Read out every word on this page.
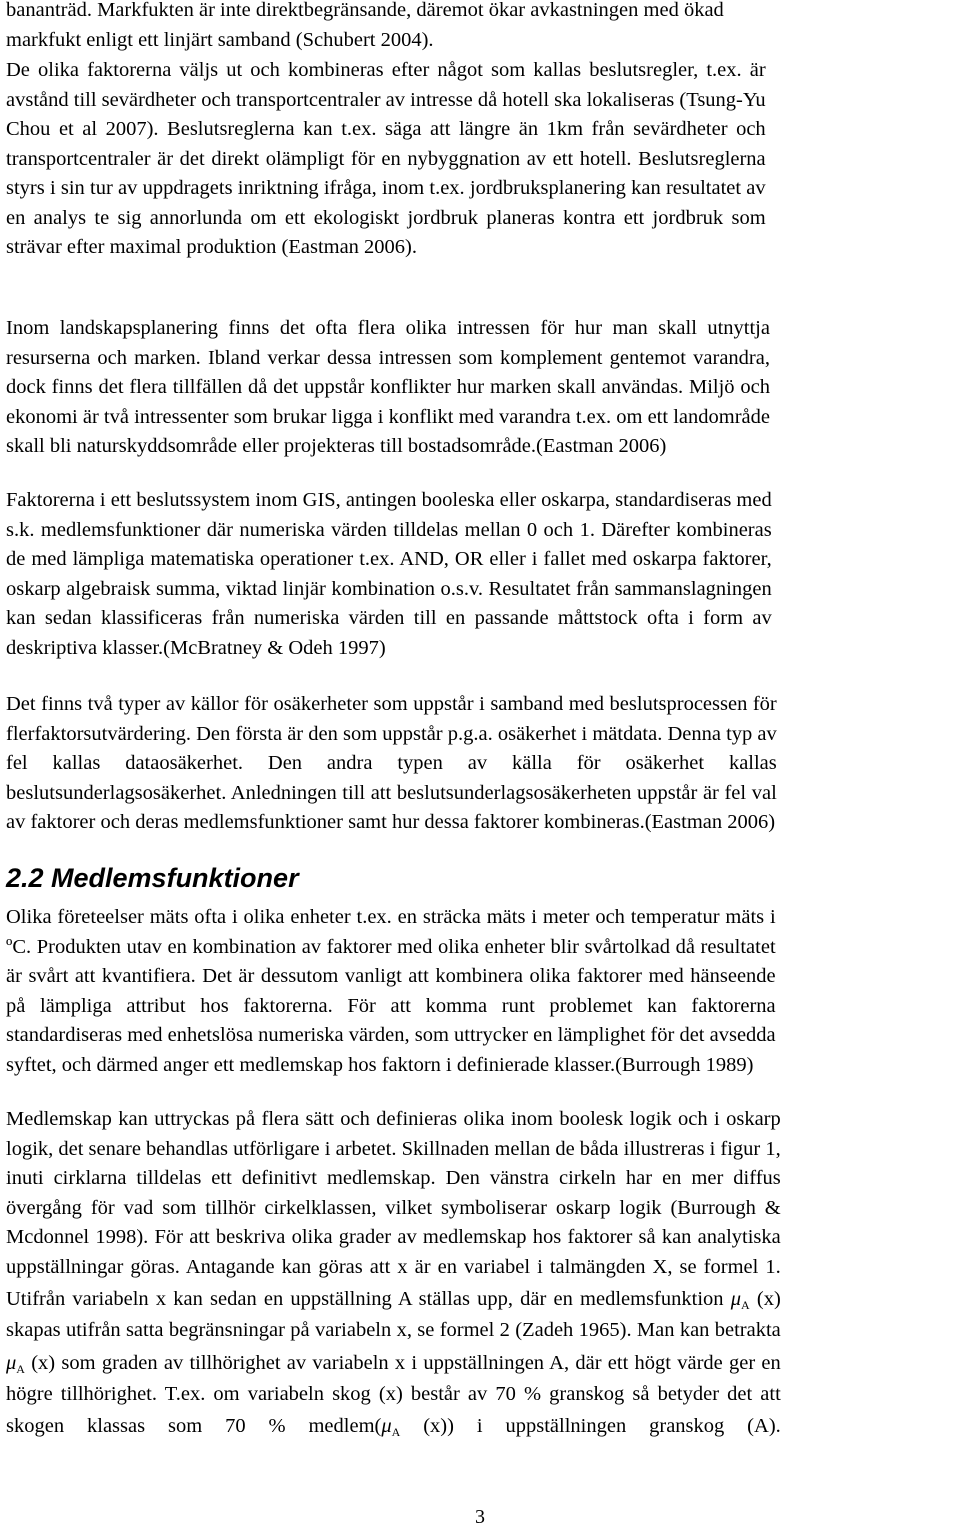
bananträd. Markfukten är inte direktbegränsande, däremot ökar avkastningen med ökad
markfukt enligt ett linjärt samband (Schubert 2004).
De olika faktorerna väljs ut och kombineras efter något som kallas beslutsregler, t.ex. är
avstånd till sevärdheter och transportcentraler av intresse då hotell ska lokaliseras (Tsung-Yu
Chou et al 2007). Beslutsreglerna kan t.ex. säga att längre än 1km från sevärdheter och
transportcentraler är det direkt olämpligt för en nybyggnation av ett hotell. Beslutsreglerna
styrs i sin tur av uppdragets inriktning ifråga, inom t.ex. jordbruksplanering kan resultatet av
en analys te sig annorlunda om ett ekologiskt jordbruk planeras kontra ett jordbruk som
strävar efter maximal produktion (Eastman 2006).
Inom landskapsplanering finns det ofta flera olika intressen för hur man skall utnyttja
resurserna och marken. Ibland verkar dessa intressen som komplement gentemot varandra,
dock finns det flera tillfällen då det uppstår konflikter hur marken skall användas. Miljö och
ekonomi är två intressenter som brukar ligga i konflikt med varandra t.ex. om ett landområde
skall bli naturskyddsområde eller projekteras till bostadsområde.(Eastman 2006)
Faktorerna i ett beslutssystem inom GIS, antingen booleska eller oskarpa, standardiseras med
s.k. medlemsfunktioner där numeriska värden tilldelas mellan 0 och 1. Därefter kombineras
de med lämpliga matematiska operationer t.ex. AND, OR eller i fallet med oskarpa faktorer,
oskarp algebraisk summa, viktad linjär kombination o.s.v. Resultatet från sammanslagningen
kan sedan klassificeras från numeriska värden till en passande måttstock ofta i form av
deskriptiva klasser.(McBratney & Odeh 1997)
Det finns två typer av källor för osäkerheter som uppstår i samband med beslutsprocessen för
flerfaktorsutvärdering. Den första är den som uppstår p.g.a. osäkerhet i mätdata. Denna typ av
fel kallas dataosäkerhet. Den andra typen av källa för osäkerhet kallas
beslutsunderlagsosäkerhet. Anledningen till att beslutsunderlagsosäkerheten uppstår är fel val
av faktorer och deras medlemsfunktioner samt hur dessa faktorer kombineras.(Eastman 2006)
2.2 Medlemsfunktioner
Olika företeelser mäts ofta i olika enheter t.ex. en sträcka mäts i meter och temperatur mäts i
ºC. Produkten utav en kombination av faktorer med olika enheter blir svårtolkad då resultatet
är svårt att kvantifiera. Det är dessutom vanligt att kombinera olika faktorer med hänseende
på lämpliga attribut hos faktorerna. För att komma runt problemet kan faktorerna
standardiseras med enhetslösa numeriska värden, som uttrycker en lämplighet för det avsedda
syftet, och därmed anger ett medlemskap hos faktorn i definierade klasser.(Burrough 1989)
Medlemskap kan uttryckas på flera sätt och definieras olika inom boolesk logik och i oskarp
logik, det senare behandlas utförligare i arbetet. Skillnaden mellan de båda illustreras i figur 1,
inuti cirklarna tilldelas ett definitivt medlemskap. Den vänstra cirkeln har en mer diffus
övergång för vad som tillhör cirkelklassen, vilket symboliserar oskarp logik (Burrough &
Mcdonnel 1998). För att beskriva olika grader av medlemskap hos faktorer så kan analytiska
uppställningar göras. Antagande kan göras att x är en variabel i talmängden X, se formel 1.
Utifrån variabeln x kan sedan en uppställning A ställas upp, där en medlemsfunktion $\mu_A$ (x)
skapas utifrån satta begränsningar på variabeln x, se formel 2 (Zadeh 1965). Man kan betrakta
$\mu_A$ (x) som graden av tillhörighet av variabeln x i uppställningen A, där ett högt värde ger en
högre tillhörighet. T.ex. om variabeln skog (x) består av 70 % granskog så betyder det att
skogen klassas som 70 % $medlem(\mu_A$ (x)) i uppställningen granskog (A).
3
